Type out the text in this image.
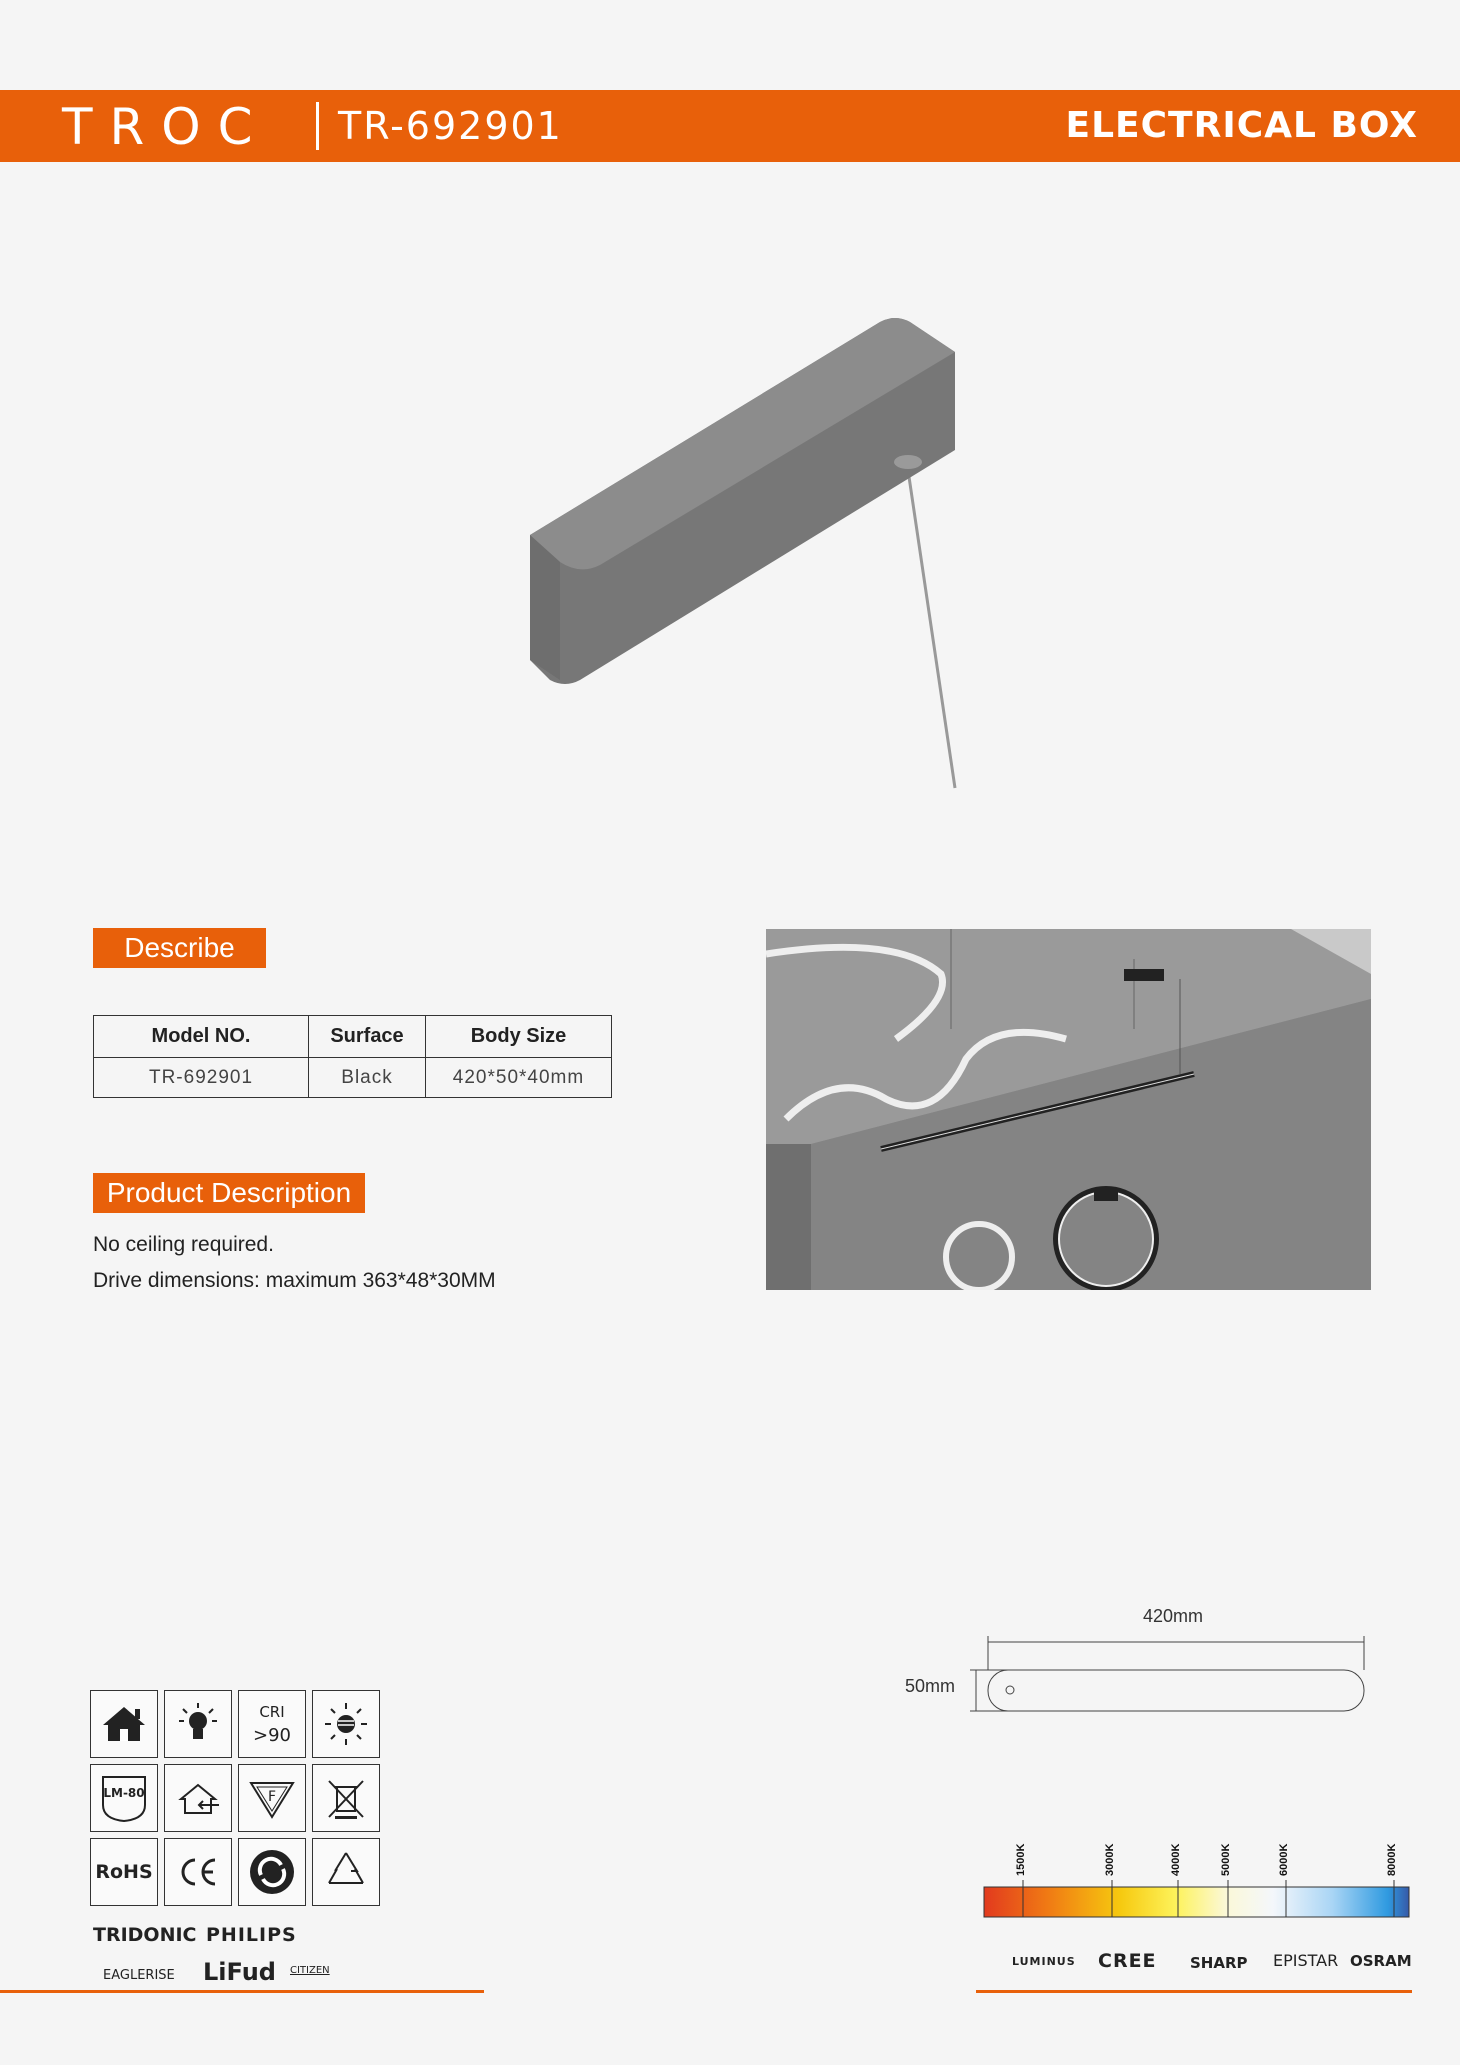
TROC TR-692901	ELECTRICAL BOX
Describe
Model NO.	Surface	Body Size
TR-692901	Black	420*50*40mm
Product Description
No ceiling required.
Drive dimensions: maximum 363*48*30MM
CRI
>90
LM-80	F
RoHS
TRIDONIC PHILIPS
EAGLERISE LiFud CITIZEN
420mm
50mm
1500K	3000K	4000K	5000K	6000K	8000K
LUMINUS CREE SHARP EPISTAR OSRAM
